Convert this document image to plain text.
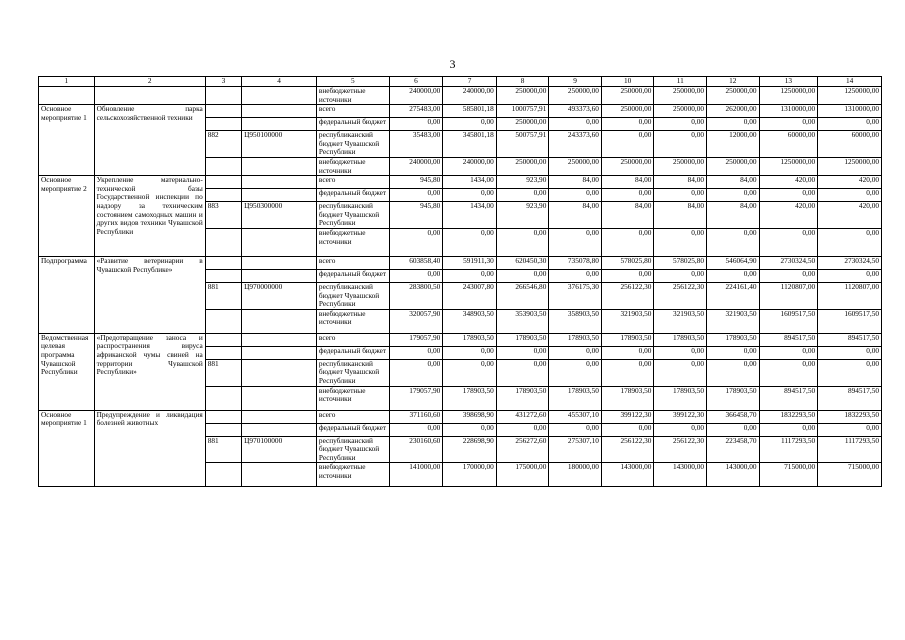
3
1	2	3	4	5	6	7	8	9	10	11	12	13	14
				внебюджетные источники	240000,00	240000,00	250000,00	250000,00	250000,00	250000,00	250000,00	1250000,00	1250000,00
Основное мероприятие 1	Обновление парка сельскохозяйственной техники			всего	275483,00	585801,18	1000757,91	493373,60	250000,00	250000,00	262000,00	1310000,00	1310000,00
				федеральный бюджет	0,00	0,00	250000,00	0,00	0,00	0,00	0,00	0,00	0,00
		882	Ц950100000	республиканский бюджет Чувашской Республики	35483,00	345801,18	500757,91	243373,60	0,00	0,00	12000,00	60000,00	60000,00
				внебюджетные источники	240000,00	240000,00	250000,00	250000,00	250000,00	250000,00	250000,00	1250000,00	1250000,00
Основное мероприятие 2	Укрепление материально-технической базы Государственной инспекции по надзору за техническим состоянием самоходных машин и других видов техники Чувашской Республики			всего	945,80	1434,00	923,90	84,00	84,00	84,00	84,00	420,00	420,00
				федеральный бюджет	0,00	0,00	0,00	0,00	0,00	0,00	0,00	0,00	0,00
		883	Ц950300000	республиканский бюджет Чувашской Республики	945,80	1434,00	923,90	84,00	84,00	84,00	84,00	420,00	420,00
				внебюджетные источники	0,00	0,00	0,00	0,00	0,00	0,00	0,00	0,00	0,00
Подпрограмма	«Развитие ветеринарии в Чувашской Республике»			всего	603858,40	591911,30	620450,30	735078,80	578025,80	578025,80	546064,90	2730324,50	2730324,50
				федеральный бюджет	0,00	0,00	0,00	0,00	0,00	0,00	0,00	0,00	0,00
		881	Ц970000000	республиканский бюджет Чувашской Республики	283800,50	243007,80	266546,80	376175,30	256122,30	256122,30	224161,40	1120807,00	1120807,00
				внебюджетные источники	320057,90	348903,50	353903,50	358903,50	321903,50	321903,50	321903,50	1609517,50	1609517,50
Ведомственная целевая программа Чувашской Республики	«Предотвращение заноса и распространения вируса африканской чумы свиней на территории Чувашской Республики»			всего	179057,90	178903,50	178903,50	178903,50	178903,50	178903,50	178903,50	894517,50	894517,50
				федеральный бюджет	0,00	0,00	0,00	0,00	0,00	0,00	0,00	0,00	0,00
		881		республиканский бюджет Чувашской Республики	0,00	0,00	0,00	0,00	0,00	0,00	0,00	0,00	0,00
				внебюджетные источники	179057,90	178903,50	178903,50	178903,50	178903,50	178903,50	178903,50	894517,50	894517,50
Основное мероприятие 1	Предупреждение и ликвидация болезней животных			всего	371160,60	398698,90	431272,60	455307,10	399122,30	399122,30	366458,70	1832293,50	1832293,50
				федеральный бюджет	0,00	0,00	0,00	0,00	0,00	0,00	0,00	0,00	0,00
		881	Ц970100000	республиканский бюджет Чувашской Республики	230160,60	228698,90	256272,60	275307,10	256122,30	256122,30	223458,70	1117293,50	1117293,50
				внебюджетные источники	141000,00	170000,00	175000,00	180000,00	143000,00	143000,00	143000,00	715000,00	715000,00
